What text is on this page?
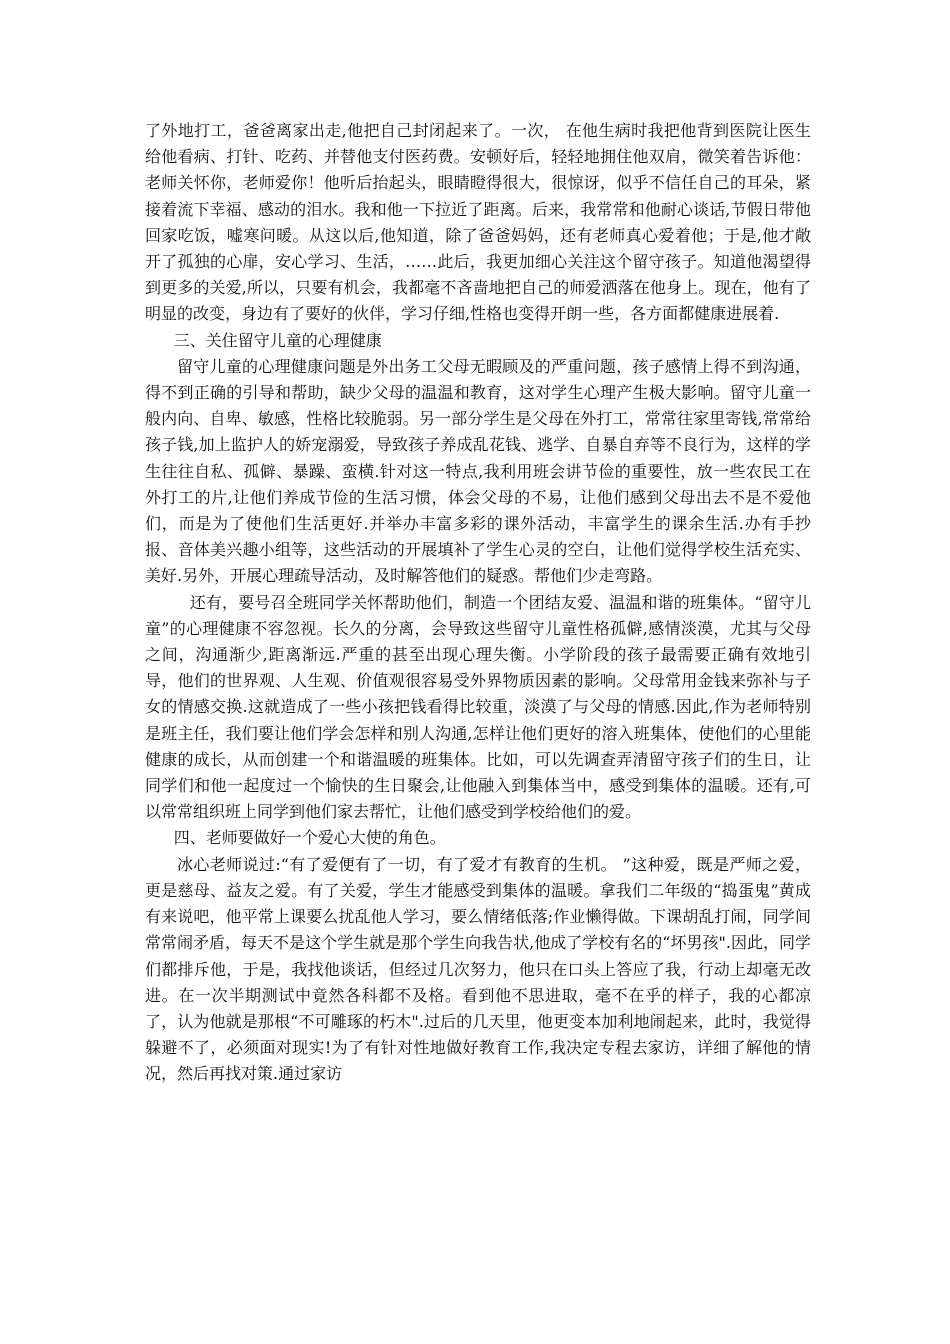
了外地打工，爸爸离家出走,他把自己封闭起来了。一次， 在他生病时我把他背到医院让医生给他看病、打针、吃药、并替他支付医药费。安顿好后，轻轻地拥住他双肩，微笑着告诉他：老师关怀你，老师爱你！他听后抬起头，眼睛瞪得很大，很惊讶，似乎不信任自己的耳朵，紧接着流下幸福、感动的泪水。我和他一下拉近了距离。后来，我常常和他耐心谈话,节假日带他回家吃饭，嘘寒问暖。从这以后,他知道，除了爸爸妈妈，还有老师真心爱着他；于是,他才敞开了孤独的心扉，安心学习、生活，……此后，我更加细心关注这个留守孩子。知道他渴望得到更多的关爱,所以，只要有机会，我都毫不吝啬地把自己的师爱洒落在他身上。现在，他有了明显的改变，身边有了要好的伙伴，学习仔细,性格也变得开朗一些，各方面都健康进展着.

三、关住留守儿童的心理健康

留守儿童的心理健康问题是外出务工父母无暇顾及的严重问题，孩子感情上得不到沟通，得不到正确的引导和帮助，缺少父母的温温和教育，这对学生心理产生极大影响。留守儿童一般内向、自卑、敏感，性格比较脆弱。另一部分学生是父母在外打工，常常往家里寄钱,常常给孩子钱,加上监护人的娇宠溺爱，导致孩子养成乱花钱、逃学、自暴自弃等不良行为，这样的学生往往自私、孤僻、暴躁、蛮横.针对这一特点,我利用班会讲节俭的重要性，放一些农民工在外打工的片,让他们养成节俭的生活习惯，体会父母的不易，让他们感到父母出去不是不爱他们，而是为了使他们生活更好.并举办丰富多彩的课外活动，丰富学生的课余生活.办有手抄报、音体美兴趣小组等，这些活动的开展填补了学生心灵的空白，让他们觉得学校生活充实、美好.另外，开展心理疏导活动，及时解答他们的疑惑。帮他们少走弯路。

还有，要号召全班同学关怀帮助他们，制造一个团结友爱、温温和谐的班集体。“留守儿童”的心理健康不容忽视。长久的分离，会导致这些留守儿童性格孤僻,感情淡漠，尤其与父母之间，沟通渐少,距离渐远.严重的甚至出现心理失衡。小学阶段的孩子最需要正确有效地引导，他们的世界观、人生观、价值观很容易受外界物质因素的影响。父母常用金钱来弥补与子女的情感交换.这就造成了一些小孩把钱看得比较重，淡漠了与父母的情感.因此,作为老师特别是班主任，我们要让他们学会怎样和别人沟通,怎样让他们更好的溶入班集体，使他们的心里能健康的成长，从而创建一个和谐温暖的班集体。比如，可以先调查弄清留守孩子们的生日，让同学们和他一起度过一个愉快的生日聚会,让他融入到集体当中，感受到集体的温暖。还有,可以常常组织班上同学到他们家去帮忙，让他们感受到学校给他们的爱。

四、老师要做好一个爱心大使的角色。

冰心老师说过:“有了爱便有了一切，有了爱才有教育的生机。 ”这种爱，既是严师之爱，更是慈母、益友之爱。有了关爱，学生才能感受到集体的温暖。拿我们二年级的“捣蛋鬼”黄成有来说吧，他平常上课要么扰乱他人学习，要么情绪低落;作业懒得做。下课胡乱打闹，同学间常常闹矛盾，每天不是这个学生就是那个学生向我告状,他成了学校有名的“坏男孩".因此，同学们都排斥他，于是，我找他谈话，但经过几次努力，他只在口头上答应了我，行动上却毫无改进。在一次半期测试中竟然各科都不及格。看到他不思进取，毫不在乎的样子，我的心都凉了，认为他就是那根“不可雕琢的朽木".过后的几天里，他更变本加利地闹起来，此时，我觉得躲避不了，必须面对现实!为了有针对性地做好教育工作,我决定专程去家访，详细了解他的情况，然后再找对策.通过家访
